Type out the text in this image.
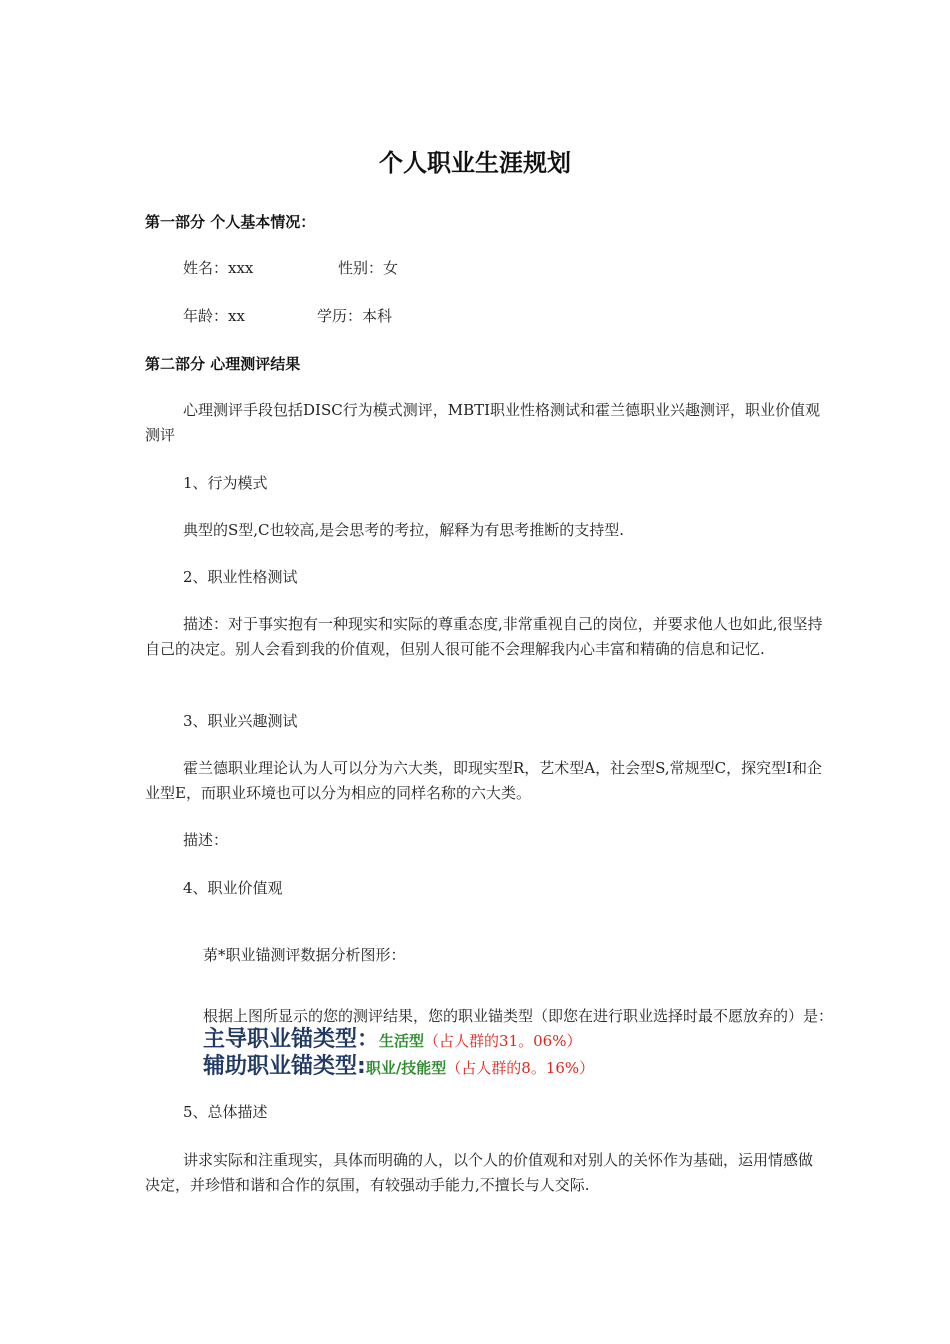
个人职业生涯规划
第一部分 个人基本情况：
姓名：xxx	性别：女
年龄：xx	学历：本科
第二部分 心理测评结果
心理测评手段包括DISC行为模式测评，MBTI职业性格测试和霍兰德职业兴趣测评，职业价值观测评
1、行为模式
典型的S型,C也较高,是会思考的考拉，解释为有思考推断的支持型.
2、职业性格测试
描述：对于事实抱有一种现实和实际的尊重态度,非常重视自己的岗位，并要求他人也如此,很坚持自己的决定。别人会看到我的价值观，但别人很可能不会理解我内心丰富和精确的信息和记忆.
3、职业兴趣测试
霍兰德职业理论认为人可以分为六大类，即现实型R，艺术型A，社会型S,常规型C，探究型I和企业型E，而职业环境也可以分为相应的同样名称的六大类。
描述：
4、职业价值观
苐*职业锚测评数据分析图形：
根据上图所显示的您的测评结果，您的职业锚类型（即您在进行职业选择时最不愿放弃的）是：
主导职业锚类型：生活型（占人群的31。06%）
辅助职业锚类型:职业/技能型（占人群的8。16%）
5、总体描述
讲求实际和注重现实，具体而明确的人，以个人的价值观和对别人的关怀作为基础，运用情感做决定，并珍惜和谐和合作的氛围，有较强动手能力,不擅长与人交际.
